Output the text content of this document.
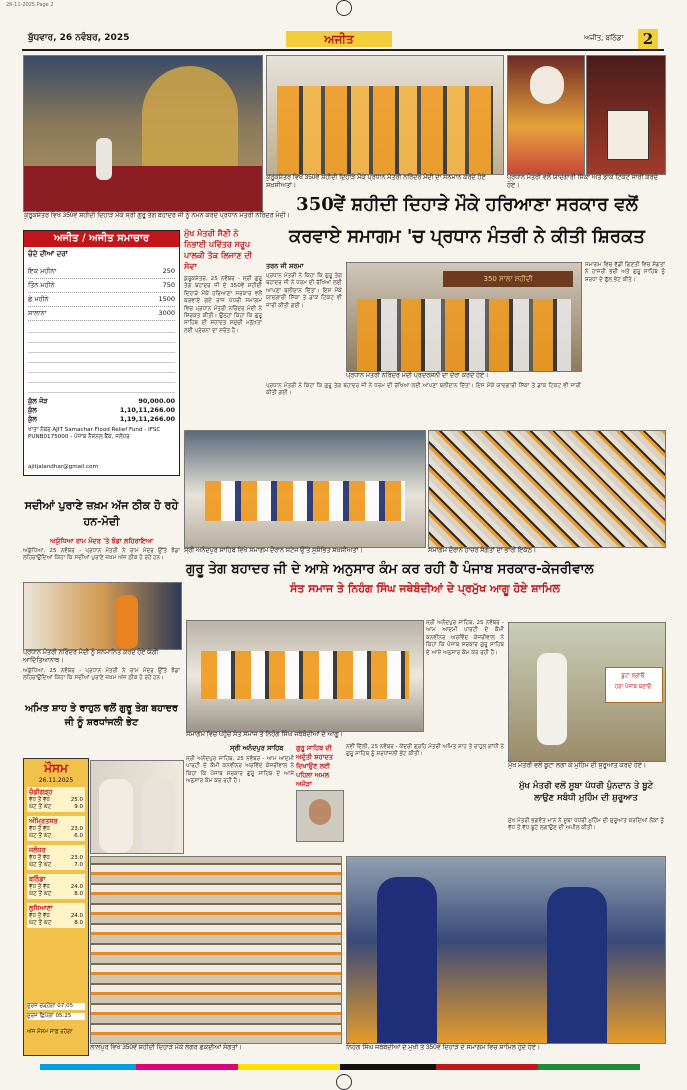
26-11-2025 Page 2
ਬੁੱਧਵਾਰ, 26 ਨਵੰਬਰ, 2025	ਅਜੀਤ	ਅਜੀਤ, ਬਠਿੰਡਾ	2
ਕੁਰੂਕਸ਼ੇਤਰ ਵਿਖੇ 350ਵੇਂ ਸ਼ਹੀਦੀ ਦਿਹਾੜੇ ਮੌਕੇ ਸ੍ਰੀ ਗੁਰੂ ਤੇਗ ਬਹਾਦਰ ਜੀ ਨੂੰ ਨਮਨ ਕਰਦੇ ਪ੍ਰਧਾਨ ਮੰਤਰੀ ਨਰਿੰਦਰ ਮੋਦੀ।
ਕੁਰੂਕਸ਼ੇਤਰ ਵਿਖੇ 350ਵੇਂ ਸ਼ਹੀਦੀ ਦਿਹਾੜੇ ਮੌਕੇ ਪ੍ਰਧਾਨ ਮੰਤਰੀ ਨਰਿੰਦਰ ਮੋਦੀ ਦਾ ਸਨਮਾਨ ਕਰਦੇ ਹੋਏ ਸ਼ਖ਼ਸੀਅਤਾਂ।
ਪ੍ਰਧਾਨ ਮੰਤਰੀ ਵਲੋਂ ਯਾਦਗਾਰੀ ਸਿੱਕਾ ਅਤੇ ਡਾਕ ਟਿਕਟ ਜਾਰੀ ਕਰਦੇ ਹੋਏ।
350ਵੇਂ ਸ਼ਹੀਦੀ ਦਿਹਾੜੇ ਮੌਕੇ ਹਰਿਆਣਾ ਸਰਕਾਰ ਵਲੋਂ
ਕਰਵਾਏ ਸਮਾਗਮ 'ਚ ਪ੍ਰਧਾਨ ਮੰਤਰੀ ਨੇ ਕੀਤੀ ਸ਼ਿਰਕਤ
ਅਜੀਤ / ਅਜੀਤ ਸਮਾਚਾਰ
ਚੰਦੇ ਦੀਆਂ ਦਰਾਂ
ਇਕ ਮਹੀਨਾ	250
ਤਿੰਨ ਮਹੀਨੇ	750
ਛੇ ਮਹੀਨੇ	1500
ਸਾਲਾਨਾ	3000
ਕੁੱਲ ਜੋੜ	90,000.00
ਕੁੱਲ	1,10,11,266.00
ਕੁੱਲ	1,19,11,266.00
ਖਾਤਾ ਨੰਬਰ AJIT Samachar Flood Relief Fund - IFSC PUNB0175000 - ਪੰਜਾਬ ਨੈਸ਼ਨਲ ਬੈਂਕ, ਜਲੰਧਰ
ajitjalandhar@gmail.com
ਮੁੱਖ ਮੰਤਰੀ ਸੈਣੀ ਨੇ ਨਿਭਾਈ ਪਵਿੱਤਰ ਸਰੂਪ ਪਾਲਕੀ ਤੱਕ ਲਿਜਾਣ ਦੀ ਸੇਵਾ
ਕੁਰੂਕਸ਼ੇਤਰ, 25 ਨਵੰਬਰ - ਸ੍ਰੀ ਗੁਰੂ ਤੇਗ ਬਹਾਦਰ ਜੀ ਦੇ 350ਵੇਂ ਸ਼ਹੀਦੀ ਦਿਹਾੜੇ ਮੌਕੇ ਹਰਿਆਣਾ ਸਰਕਾਰ ਵਲੋਂ ਕਰਵਾਏ ਗਏ ਰਾਜ ਪੱਧਰੀ ਸਮਾਗਮ ਵਿਚ ਪ੍ਰਧਾਨ ਮੰਤਰੀ ਨਰਿੰਦਰ ਮੋਦੀ ਨੇ ਸ਼ਿਰਕਤ ਕੀਤੀ। ਉਨ੍ਹਾਂ ਕਿਹਾ ਕਿ ਗੁਰੂ ਸਾਹਿਬ ਦੀ ਸ਼ਹਾਦਤ ਸਮੁੱਚੀ ਮਨੁੱਖਤਾ ਲਈ ਪ੍ਰੇਰਨਾ ਦਾ ਸਰੋਤ ਹੈ।
ਤਰਨ ਜੀ ਸ਼ਰਮਾ
ਪ੍ਰਧਾਨ ਮੰਤਰੀ ਨੇ ਕਿਹਾ ਕਿ ਗੁਰੂ ਤੇਗ ਬਹਾਦਰ ਜੀ ਨੇ ਧਰਮ ਦੀ ਰੱਖਿਆ ਲਈ ਆਪਣਾ ਬਲੀਦਾਨ ਦਿੱਤਾ। ਇਸ ਮੌਕੇ ਯਾਦਗਾਰੀ ਸਿੱਕਾ ਤੇ ਡਾਕ ਟਿਕਟ ਵੀ ਜਾਰੀ ਕੀਤੀ ਗਈ।
350 ਸਾਲਾ ਸ਼ਹੀਦੀ
ਪ੍ਰਧਾਨ ਮੰਤਰੀ ਨਰਿੰਦਰ ਮੋਦੀ ਪ੍ਰਦਰਸ਼ਨੀ ਦਾ ਦੌਰਾ ਕਰਦੇ ਹੋਏ।
ਸਮਾਗਮ ਵਿਚ ਵੱਡੀ ਗਿਣਤੀ ਵਿਚ ਸੰਗਤਾਂ ਨੇ ਹਾਜ਼ਰੀ ਭਰੀ ਅਤੇ ਗੁਰੂ ਸਾਹਿਬ ਨੂੰ ਸ਼ਰਧਾ ਦੇ ਫੁੱਲ ਭੇਟ ਕੀਤੇ।
ਪ੍ਰਧਾਨ ਮੰਤਰੀ ਨੇ ਕਿਹਾ ਕਿ ਗੁਰੂ ਤੇਗ ਬਹਾਦਰ ਜੀ ਨੇ ਧਰਮ ਦੀ ਰੱਖਿਆ ਲਈ ਆਪਣਾ ਬਲੀਦਾਨ ਦਿੱਤਾ। ਇਸ ਮੌਕੇ ਯਾਦਗਾਰੀ ਸਿੱਕਾ ਤੇ ਡਾਕ ਟਿਕਟ ਵੀ ਜਾਰੀ ਕੀਤੀ ਗਈ।
ਸ੍ਰੀ ਅਨੰਦਪੁਰ ਸਾਹਿਬ ਵਿਖੇ ਸਮਾਗਮ ਦੌਰਾਨ ਸਟੇਜ ਉੱਤੇ ਸੁਸ਼ੋਭਿਤ ਸ਼ਖ਼ਸੀਅਤਾਂ।	ਸਮਾਗਮ ਦੌਰਾਨ ਹਾਜ਼ਰ ਸੰਗਤਾਂ ਦਾ ਭਾਰੀ ਇਕੱਠ।
ਸਦੀਆਂ ਪੁਰਾਣੇ ਜ਼ਖ਼ਮ ਅੱਜ ਠੀਕ ਹੋ ਰਹੇ ਹਨ-ਮੋਦੀ
ਅਯੁੱਧਿਆ ਰਾਮ ਮੰਦਰ 'ਤੇ ਝੰਡਾ ਲਹਿਰਾਇਆ
ਅਯੁੱਧਿਆ, 25 ਨਵੰਬਰ - ਪ੍ਰਧਾਨ ਮੰਤਰੀ ਨੇ ਰਾਮ ਮੰਦਰ ਉੱਤੇ ਝੰਡਾ ਲਹਿਰਾਉਂਦਿਆਂ ਕਿਹਾ ਕਿ ਸਦੀਆਂ ਪੁਰਾਣੇ ਜ਼ਖ਼ਮ ਅੱਜ ਠੀਕ ਹੋ ਰਹੇ ਹਨ।
ਪ੍ਰਧਾਨ ਮੰਤਰੀ ਨਰਿੰਦਰ ਮੋਦੀ ਨੂੰ ਸਨਮਾਨਿਤ ਕਰਦੇ ਹੋਏ ਯੋਗੀ ਆਦਿੱਤਿਆਨਾਥ।
ਅਯੁੱਧਿਆ, 25 ਨਵੰਬਰ - ਪ੍ਰਧਾਨ ਮੰਤਰੀ ਨੇ ਰਾਮ ਮੰਦਰ ਉੱਤੇ ਝੰਡਾ ਲਹਿਰਾਉਂਦਿਆਂ ਕਿਹਾ ਕਿ ਸਦੀਆਂ ਪੁਰਾਣੇ ਜ਼ਖ਼ਮ ਅੱਜ ਠੀਕ ਹੋ ਰਹੇ ਹਨ।
ਗੁਰੂ ਤੇਗ ਬਹਾਦਰ ਜੀ ਦੇ ਆਸ਼ੇ ਅਨੁਸਾਰ ਕੰਮ ਕਰ ਰਹੀ ਹੈ ਪੰਜਾਬ ਸਰਕਾਰ-ਕੇਜਰੀਵਾਲ
ਸੰਤ ਸਮਾਜ ਤੇ ਨਿਹੰਗ ਸਿੰਘ ਜਥੇਬੰਦੀਆਂ ਦੇ ਪ੍ਰਮੁੱਖ ਆਗੂ ਹੋਏ ਸ਼ਾਮਿਲ
ਸਮਾਗਮ ਵਿਚ ਪਹੁੰਚੇ ਸੰਤ ਸਮਾਜ ਤੇ ਨਿਹੰਗ ਸਿੰਘ ਜਥੇਬੰਦੀਆਂ ਦੇ ਆਗੂ।
ਸ੍ਰੀ ਅਨੰਦਪੁਰ ਸਾਹਿਬ, 25 ਨਵੰਬਰ - ਆਮ ਆਦਮੀ ਪਾਰਟੀ ਦੇ ਕੌਮੀ ਕਨਵੀਨਰ ਅਰਵਿੰਦ ਕੇਜਰੀਵਾਲ ਨੇ ਕਿਹਾ ਕਿ ਪੰਜਾਬ ਸਰਕਾਰ ਗੁਰੂ ਸਾਹਿਬ ਦੇ ਆਸ਼ੇ ਅਨੁਸਾਰ ਕੰਮ ਕਰ ਰਹੀ ਹੈ।
ਬੂਟਾ ਲਗਾਓ
ਹਰਾ ਪੰਜਾਬ ਬਣਾਓ
ਮੁੱਖ ਮੰਤਰੀ ਵਲੋਂ ਬੂਟਾ ਲਗਾ ਕੇ ਮੁਹਿੰਮ ਦੀ ਸ਼ੁਰੂਆਤ ਕਰਦੇ ਹੋਏ।
ਮੁੱਖ ਮੰਤਰੀ ਵਲੋਂ ਸੂਬਾ ਪੱਧਰੀ ਪੁੰਨਦਾਨ ਤੇ ਬੂਟੇ ਲਾਉਣ ਸਬੰਧੀ ਮੁਹਿੰਮ ਦੀ ਸ਼ੁਰੂਆਤ
ਮੁੱਖ ਮੰਤਰੀ ਭਗਵੰਤ ਮਾਨ ਨੇ ਸੂਬਾ ਪੱਧਰੀ ਮੁਹਿੰਮ ਦੀ ਸ਼ੁਰੂਆਤ ਕਰਦਿਆਂ ਲੋਕਾਂ ਨੂੰ ਵੱਧ ਤੋਂ ਵੱਧ ਬੂਟੇ ਲਗਾਉਣ ਦੀ ਅਪੀਲ ਕੀਤੀ।
ਸ੍ਰੀ ਅਨੰਦਪੁਰ ਸਾਹਿਬ
ਸ੍ਰੀ ਅਨੰਦਪੁਰ ਸਾਹਿਬ, 25 ਨਵੰਬਰ - ਆਮ ਆਦਮੀ ਪਾਰਟੀ ਦੇ ਕੌਮੀ ਕਨਵੀਨਰ ਅਰਵਿੰਦ ਕੇਜਰੀਵਾਲ ਨੇ ਕਿਹਾ ਕਿ ਪੰਜਾਬ ਸਰਕਾਰ ਗੁਰੂ ਸਾਹਿਬ ਦੇ ਆਸ਼ੇ ਅਨੁਸਾਰ ਕੰਮ ਕਰ ਰਹੀ ਹੈ।
ਗੁਰੂ ਸਾਹਿਬ ਦੀ ਅਦੁੱਤੀ ਸ਼ਹਾਦਤ ਦਿਖਾਉਣ ਲਈ ਪਹਿਲਾ ਅਮਲ ਅਜੋੜਾ
ਨਵੀਂ ਦਿੱਲੀ, 25 ਨਵੰਬਰ - ਕੇਂਦਰੀ ਗ੍ਰਹਿ ਮੰਤਰੀ ਅਮਿਤ ਸ਼ਾਹ ਤੇ ਰਾਹੁਲ ਗਾਂਧੀ ਨੇ ਗੁਰੂ ਸਾਹਿਬ ਨੂੰ ਸ਼ਰਧਾਂਜਲੀ ਭੇਟ ਕੀਤੀ।
ਅਮਿਤ ਸ਼ਾਹ ਤੇ ਰਾਹੁਲ ਵਲੋਂ ਗੁਰੂ ਤੇਗ ਬਹਾਦਰ ਜੀ ਨੂੰ ਸ਼ਰਧਾਂਜਲੀ ਭੇਟ
ਮੌਸਮ
26.11.2025
ਚੰਡੀਗੜ੍ਹ
ਵੱਧ ਤੋਂ ਵੱਧ	25.0
ਘੱਟ ਤੋਂ ਘੱਟ	9.0
ਅੰਮ੍ਰਿਤਸਰ
ਵੱਧ ਤੋਂ ਵੱਧ	23.0
ਘੱਟ ਤੋਂ ਘੱਟ	6.0
ਜਲੰਧਰ
ਵੱਧ ਤੋਂ ਵੱਧ	23.0
ਘੱਟ ਤੋਂ ਘੱਟ	7.0
ਬਠਿੰਡਾ
ਵੱਧ ਤੋਂ ਵੱਧ	24.0
ਘੱਟ ਤੋਂ ਘੱਟ	8.0
ਲੁਧਿਆਣਾ
ਵੱਧ ਤੋਂ ਵੱਧ	24.0
ਘੱਟ ਤੋਂ ਘੱਟ	8.0
ਸੂਰਜ ਚੜ੍ਹੇਗਾ 07:05
ਸੂਰਜ ਛਿਪੇਗਾ 05:25
ਅੱਜ ਮੌਸਮ ਸਾਫ਼ ਰਹੇਗਾ
ਲਾਲਪੁਰ ਵਿਖੇ 350ਵੇਂ ਸ਼ਹੀਦੀ ਦਿਹਾੜੇ ਮੌਕੇ ਲੰਗਰ ਛਕਦੀਆਂ ਸੰਗਤਾਂ।	ਨਿਹੰਗ ਸਿੰਘ ਜਥੇਬੰਦੀਆਂ ਦੇ ਮੁਖੀ ਤੇ 350ਵੇਂ ਦਿਹਾੜੇ ਦੇ ਸਮਾਗਮ ਵਿਚ ਸ਼ਾਮਿਲ ਹੁੰਦੇ ਹੋਏ।
